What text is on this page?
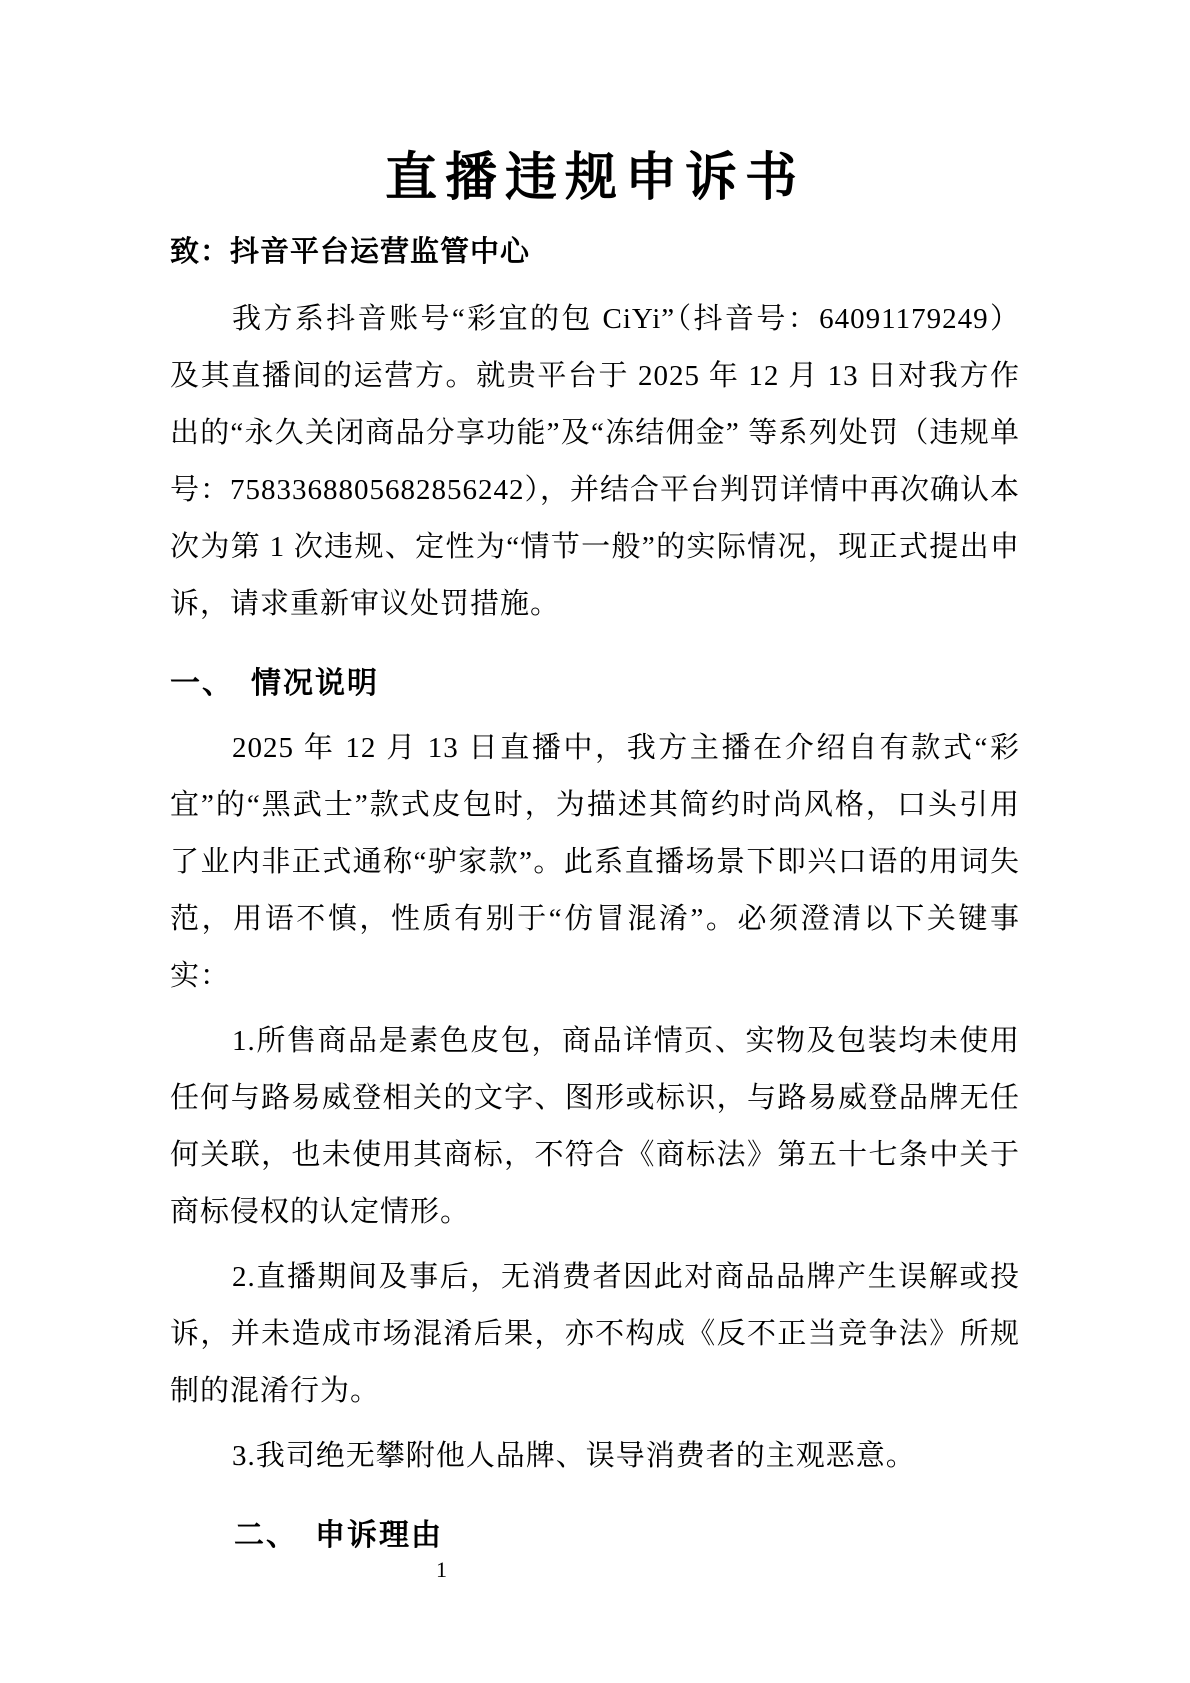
直播违规申诉书
致：抖音平台运营监管中心

我方系抖音账号“彩宜的包 CiYi”（抖音号：64091179249）及其直播间的运营方。就贵平台于 2025 年 12 月 13 日对我方作出的“永久关闭商品分享功能”及“冻结佣金” 等系列处罚（违规单号：7583368805682856242），并结合平台判罚详情中再次确认本次为第 1 次违规、定性为“情节一般”的实际情况，现正式提出申诉，请求重新审议处罚措施。

一、　情况说明

2025 年 12 月 13 日直播中，我方主播在介绍自有款式“彩宜”的“黑武士”款式皮包时，为描述其简约时尚风格，口头引用了业内非正式通称“驴家款”。此系直播场景下即兴口语的用词失范，用语不慎，性质有别于“仿冒混淆”。必须澄清以下关键事实：

1.所售商品是素色皮包，商品详情页、实物及包装均未使用任何与路易威登相关的文字、图形或标识，与路易威登品牌无任何关联，也未使用其商标，不符合《商标法》第五十七条中关于商标侵权的认定情形。

2.直播期间及事后，无消费者因此对商品品牌产生误解或投诉，并未造成市场混淆后果，亦不构成《反不正当竞争法》所规制的混淆行为。

3.我司绝无攀附他人品牌、误导消费者的主观恶意。

二、　申诉理由
1
